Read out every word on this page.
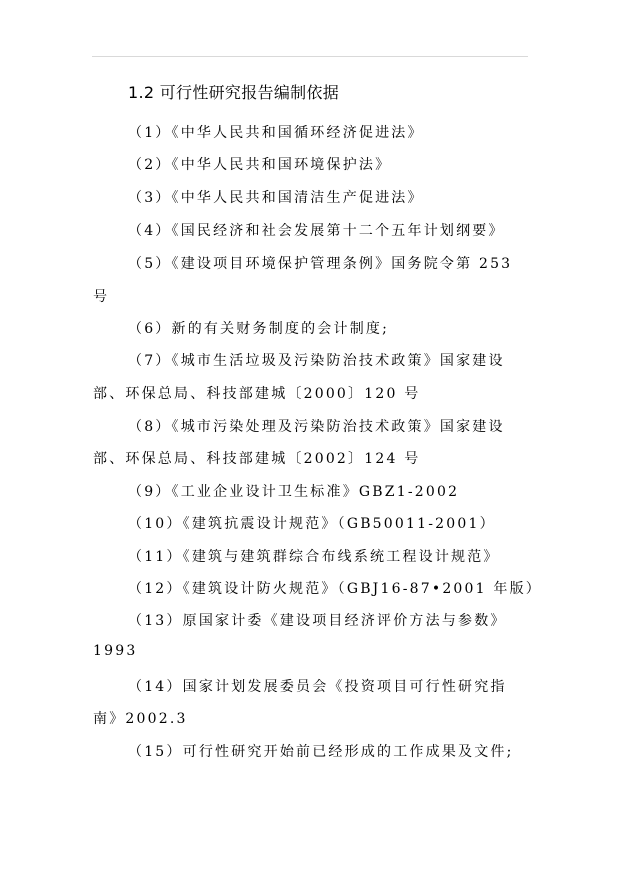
1.2 可行性研究报告编制依据
（1）《中华人民共和国循环经济促进法》
（2）《中华人民共和国环境保护法》
（3）《中华人民共和国清洁生产促进法》
（4）《国民经济和社会发展第十二个五年计划纲要》
（5）《建设项目环境保护管理条例》国务院令第 253
号
（6）新的有关财务制度的会计制度;
（7）《城市生活垃圾及污染防治技术政策》国家建设
部、环保总局、科技部建城〔2000〕120 号
（8）《城市污染处理及污染防治技术政策》国家建设
部、环保总局、科技部建城〔2002〕124 号
（9）《工业企业设计卫生标准》GBZ1-2002
（10）《建筑抗震设计规范》（GB50011-2001）
（11）《建筑与建筑群综合布线系统工程设计规范》
（12）《建筑设计防火规范》（GBJ16-87•2001 年版）
（13）原国家计委《建设项目经济评价方法与参数》
1993
（14）国家计划发展委员会《投资项目可行性研究指
南》2002.3
（15）可行性研究开始前已经形成的工作成果及文件;
